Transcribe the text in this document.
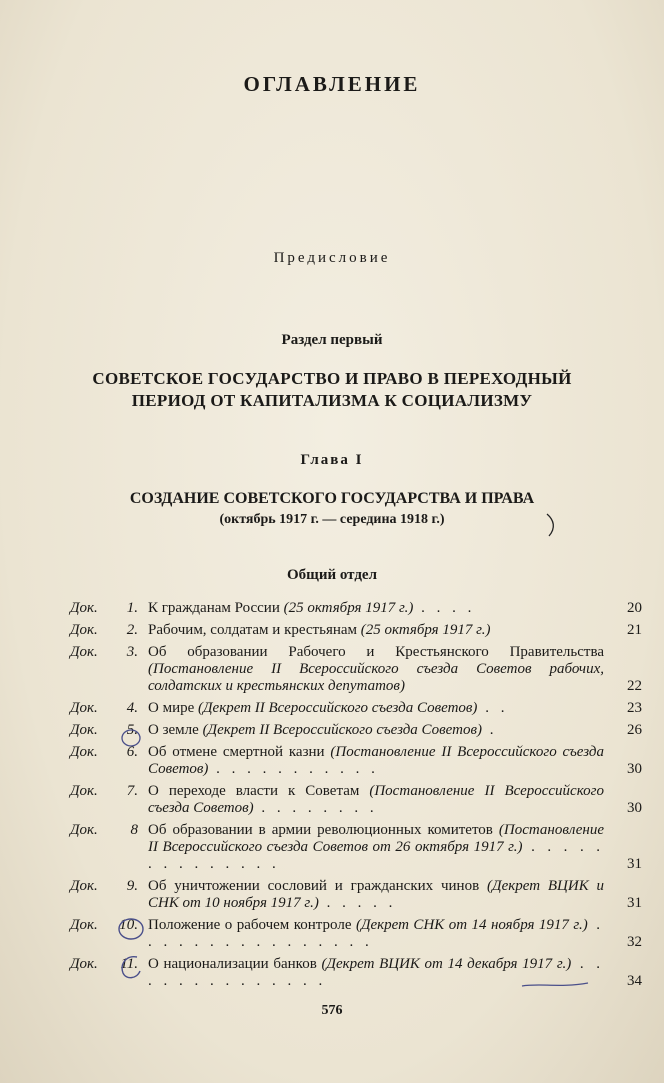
ОГЛАВЛЕНИЕ
Предисловие
Раздел первый
СОВЕТСКОЕ ГОСУДАРСТВО И ПРАВО В ПЕРЕХОДНЫЙ
ПЕРИОД ОТ КАПИТАЛИЗМА К СОЦИАЛИЗМУ
Глава I
СОЗДАНИЕ СОВЕТСКОГО ГОСУДАРСТВА И ПРАВА
(октябрь 1917 г. — середина 1918 г.)
Общий отдел
Док.	1. К гражданам России (25 октября 1917 г.) . . . .	20
Док.	2. Рабочим, солдатам и крестьянам (25 октября 1917 г.)	21
Док.	3. Об образовании Рабочего и Крестьянского Правительства (Постановление II Всероссийского съезда Советов рабочих, солдатских и крестьянских депутатов)	22
Док.	4. О мире (Декрет II Всероссийского съезда Советов) . .	23
Док.	5. О земле (Декрет II Всероссийского съезда Советов) .	26
Док.	6. Об отмене смертной казни (Постановление II Всероссийского съезда Советов) . . . . . . . . . . .	30
Док.	7. О переходе власти к Советам (Постановление II Всероссийского съезда Советов) . . . . . . . .	30
Док.	8 Об образовании в армии революционных комитетов (Постановление II Всероссийского съезда Советов от 26 октября 1917 г.) . . . . . . . . . . . . . .	31
Док.	9. Об уничтожении сословий и гражданских чинов (Декрет ВЦИК и СНК от 10 ноября 1917 г.) . . . . .	31
Док.	10. Положение о рабочем контроле (Декрет СНК от 14 ноября 1917 г.) . . . . . . . . . . . . . . . .	32
Док.	11. О национализации банков (Декрет ВЦИК от 14 декабря 1917 г.) . . . . . . . . . . . . . .	34
576
